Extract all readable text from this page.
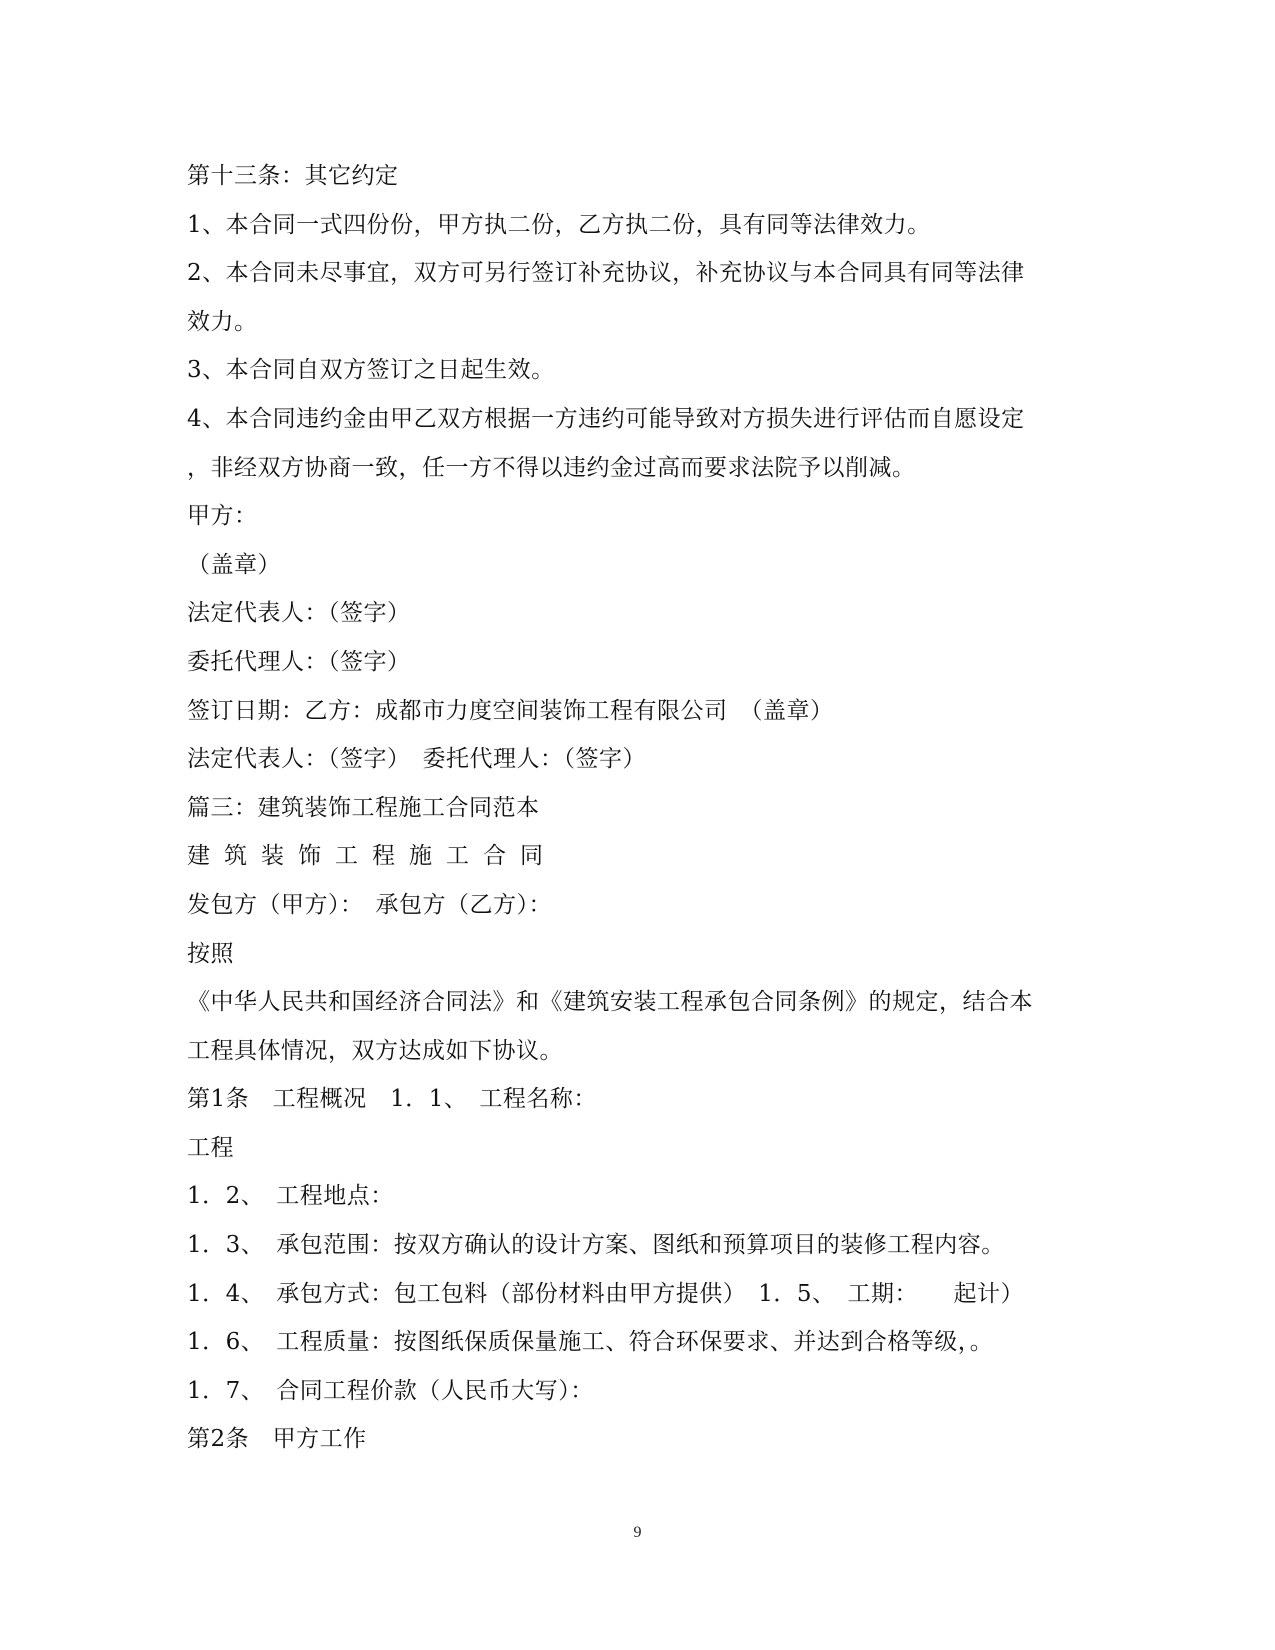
第十三条：其它约定
1、本合同一式四份份，甲方执二份，乙方执二份，具有同等法律效力。
2、本合同未尽事宜，双方可另行签订补充协议，补充协议与本合同具有同等法律
效力。
3、本合同自双方签订之日起生效。
4、本合同违约金由甲乙双方根据一方违约可能导致对方损失进行评估而自愿设定
，非经双方协商一致，任一方不得以违约金过高而要求法院予以削减。
甲方：
（盖章）
法定代表人：（签字）
委托代理人：（签字）
签订日期：乙方：成都市力度空间装饰工程有限公司　（盖章）
法定代表人：（签字）　委托代理人：（签字）
篇三：建筑装饰工程施工合同范本
建筑装饰工程施工合同
发包方（甲方）：　承包方（乙方）：
按照
《中华人民共和国经济合同法》和《建筑安装工程承包合同条例》的规定，结合本
工程具体情况，双方达成如下协议。
第1条　工程概况　1．1、　工程名称：
工程
1．2、　工程地点：
1．3、　承包范围：按双方确认的设计方案、图纸和预算项目的装修工程内容。
1．4、　承包方式：包工包料（部份材料由甲方提供）　1．5、　工期：　　起计）
1．6、　工程质量：按图纸保质保量施工、符合环保要求、并达到合格等级，。
1．7、　合同工程价款（人民币大写）：
第2条　甲方工作
9
